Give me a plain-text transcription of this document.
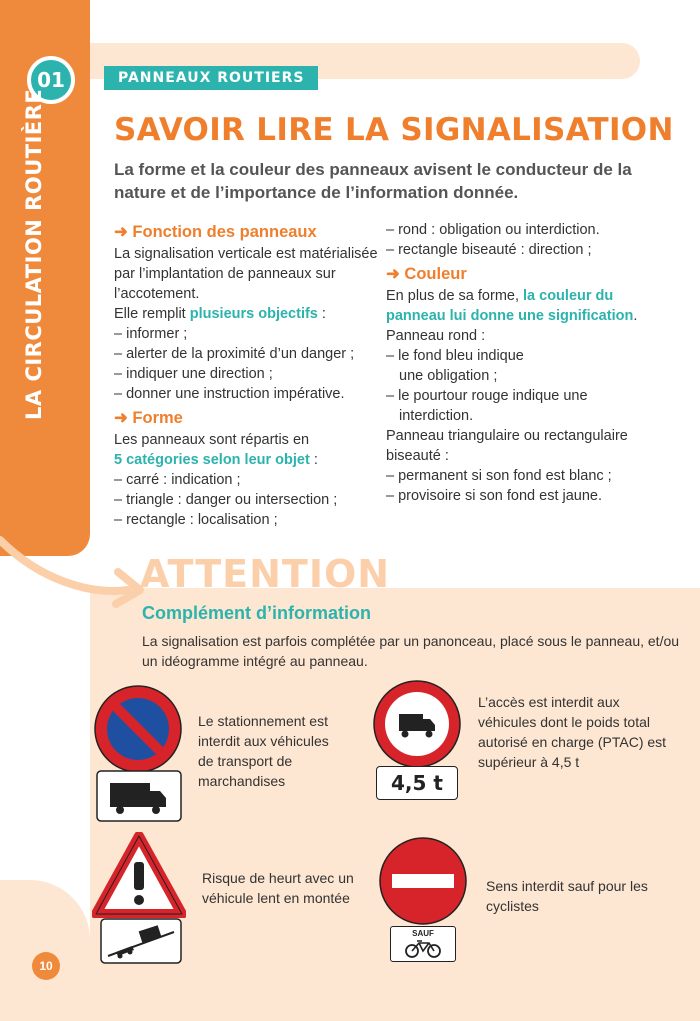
01
LA CIRCULATION ROUTIÈRE
PANNEAUX ROUTIERS
SAVOIR LIRE LA SIGNALISATION

La forme et la couleur des panneaux avisent le conducteur de la nature et de l’importance de l’information donnée.

➜ Fonction des panneaux

La signalisation verticale est matérialisée par l’implantation de panneaux sur l’accotement.

Elle remplit plusieurs objectifs :

– informer ;

– alerter de la proximité d’un danger ;

– indiquer une direction ;

– donner une instruction impérative.

➜ Forme

Les panneaux sont répartis en

5 catégories selon leur objet :

– carré : indication ;

– triangle : danger ou intersection ;

– rectangle : localisation ;

– rond : obligation ou interdiction.

– rectangle biseauté : direction ;

➜ Couleur

En plus de sa forme, la couleur du panneau lui donne une signification.

Panneau rond :

– le fond bleu indique

une obligation ;

– le pourtour rouge indique une

interdiction.

Panneau triangulaire ou rectangulaire biseauté :

– permanent si son fond est blanc ;

– provisoire si son fond est jaune.

ATTENTION
Complément d’information
La signalisation est parfois complétée par un panonceau, placé sous le panneau, et/ou un idéogramme intégré au panneau.
Le stationnement est interdit aux véhicules de transport de marchandises	4,5 t
L’accès est interdit aux véhicules dont le poids total autorisé en charge (PTAC) est supérieur à 4,5 t
Risque de heurt avec un véhicule lent en montée
SAUF
Sens interdit sauf pour les cyclistes
10
